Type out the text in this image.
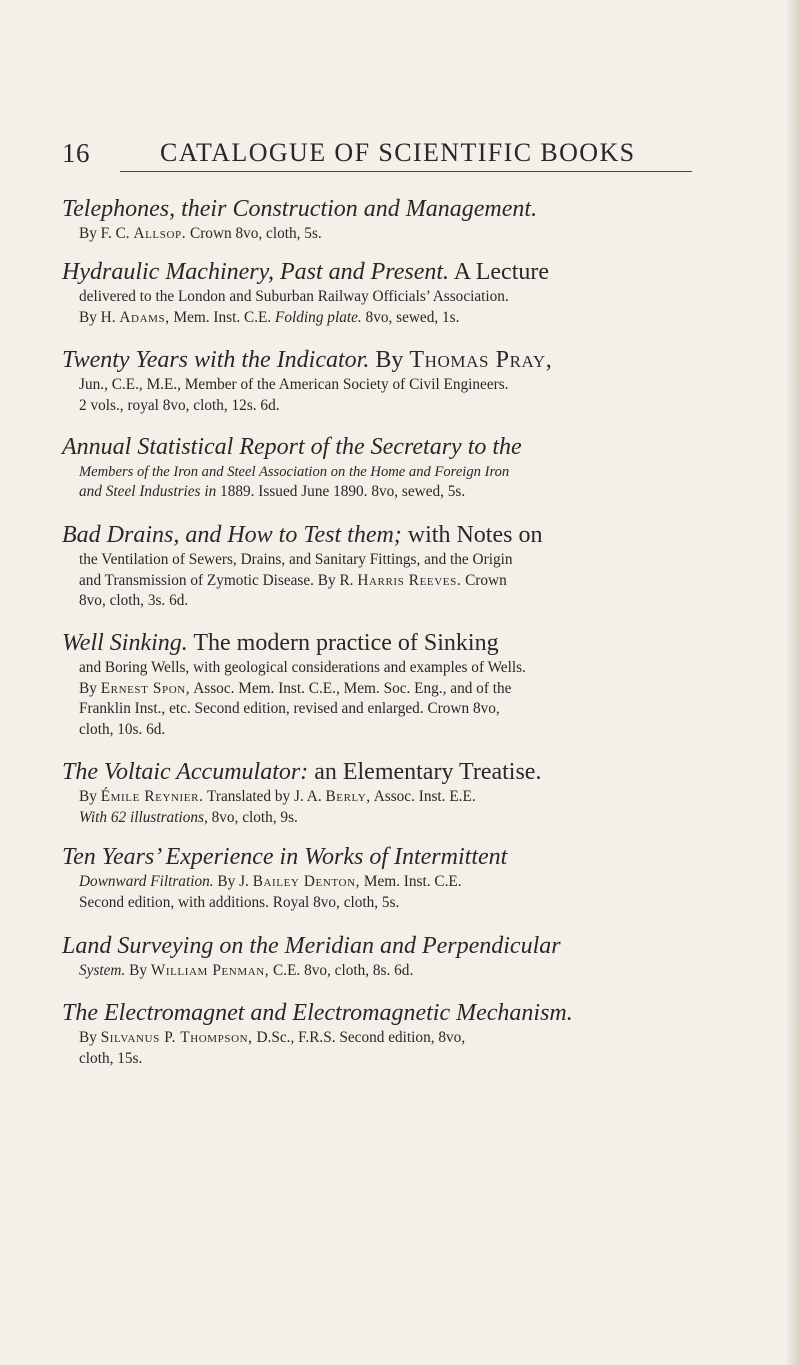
16	CATALOGUE OF SCIENTIFIC BOOKS
Telephones, their Construction and Management.
By F. C. Allsop. Crown 8vo, cloth, 5s.
Hydraulic Machinery, Past and Present. A Lecture
delivered to the London and Suburban Railway Officials’ Association.
By H. Adams, Mem. Inst. C.E. Folding plate. 8vo, sewed, 1s.
Twenty Years with the Indicator. By Thomas Pray,
Jun., C.E., M.E., Member of the American Society of Civil Engineers.
2 vols., royal 8vo, cloth, 12s. 6d.
Annual Statistical Report of the Secretary to the
Members of the Iron and Steel Association on the Home and Foreign Iron
and Steel Industries in 1889. Issued June 1890. 8vo, sewed, 5s.
Bad Drains, and How to Test them; with Notes on
the Ventilation of Sewers, Drains, and Sanitary Fittings, and the Origin
and Transmission of Zymotic Disease. By R. Harris Reeves. Crown
8vo, cloth, 3s. 6d.
Well Sinking. The modern practice of Sinking
and Boring Wells, with geological considerations and examples of Wells.
By Ernest Spon, Assoc. Mem. Inst. C.E., Mem. Soc. Eng., and of the
Franklin Inst., etc. Second edition, revised and enlarged. Crown 8vo,
cloth, 10s. 6d.
The Voltaic Accumulator: an Elementary Treatise.
By Émile Reynier. Translated by J. A. Berly, Assoc. Inst. E.E.
With 62 illustrations, 8vo, cloth, 9s.
Ten Years’ Experience in Works of Intermittent
Downward Filtration. By J. Bailey Denton, Mem. Inst. C.E.
Second edition, with additions. Royal 8vo, cloth, 5s.
Land Surveying on the Meridian and Perpendicular
System. By William Penman, C.E. 8vo, cloth, 8s. 6d.
The Electromagnet and Electromagnetic Mechanism.
By Silvanus P. Thompson, D.Sc., F.R.S. Second edition, 8vo,
cloth, 15s.
